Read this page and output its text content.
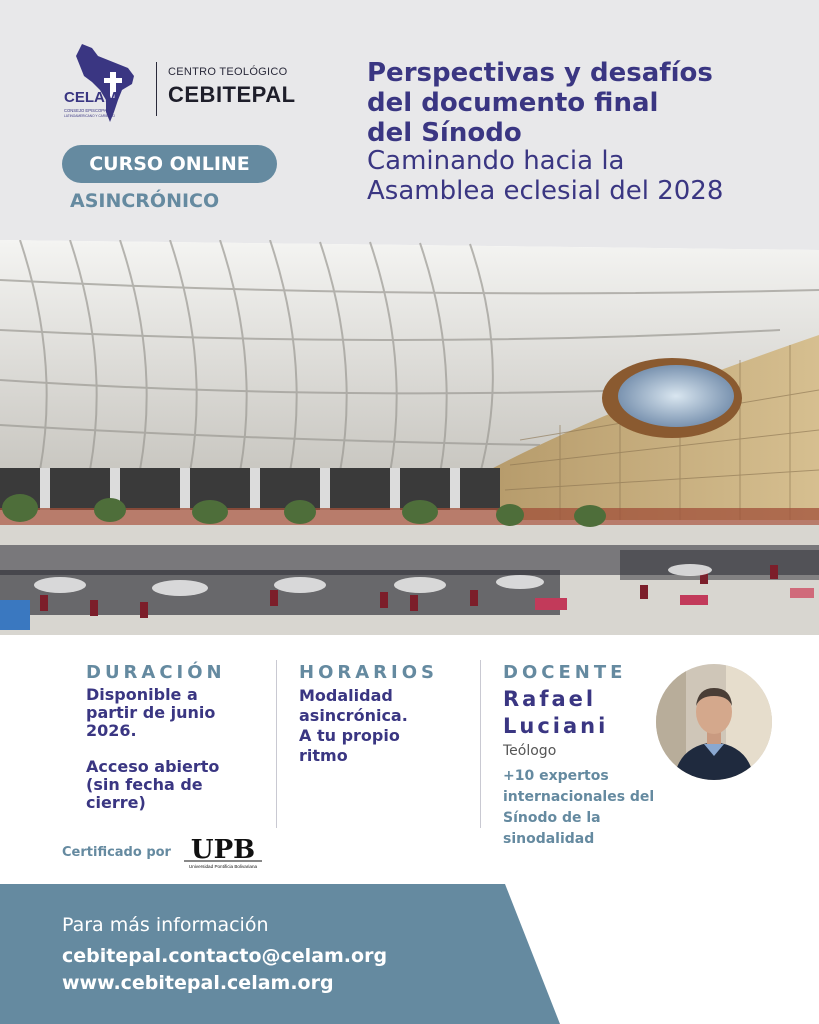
CELAM
CONSEJO EPISCOPAL
LATINOAMERICANO Y CARIBEÑO
CENTRO TEOLÓGICO
CEBITEPAL
CURSO ONLINE
ASINCRÓNICO
Perspectivas y desafíos
del documento final
del Sínodo
Caminando hacia la
Asamblea eclesial del 2028
DURACIÓN
Disponible a
partir de junio
2026.
Acceso abierto
(sin fecha de
cierre)
HORARIOS
Modalidad
asincrónica.
A tu propio
ritmo
DOCENTE
Rafael
Luciani
Teólogo
+10 expertos
internacionales del
Sínodo de la
sinodalidad
Certificado por UPB
Universidad Pontificia Bolivariana
Para más información
cebitepal.contacto@celam.org
www.cebitepal.celam.org
